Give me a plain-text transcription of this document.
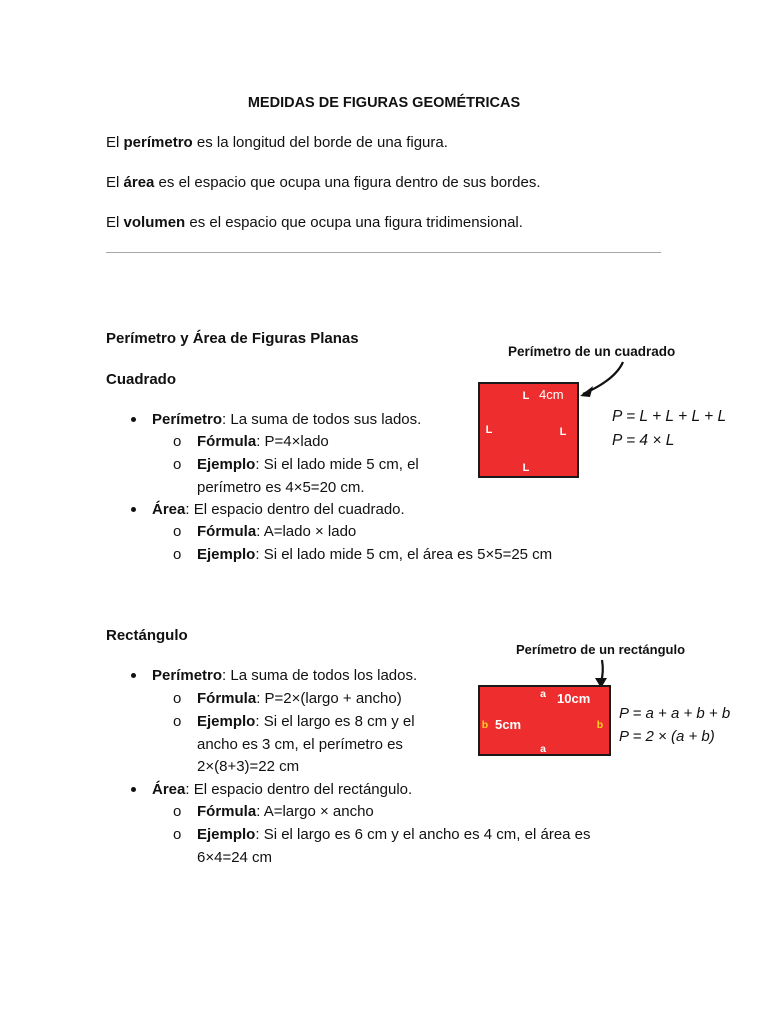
MEDIDAS DE FIGURAS GEOMÉTRICAS
El perímetro es la longitud del borde de una figura.
El área es el espacio que ocupa una figura dentro de sus bordes.
El volumen es el espacio que ocupa una figura tridimensional.
Perímetro y Área de Figuras Planas
Cuadrado
Perímetro: La suma de todos sus lados.
o Fórmula: P=4×lado
o Ejemplo: Si el lado mide 5 cm, el
perímetro es 4×5=20 cm.
Área: El espacio dentro del cuadrado.
o Fórmula: A=lado × lado
o Ejemplo: Si el lado mide 5 cm, el área es 5×5=25 cm
Rectángulo
Perímetro: La suma de todos los lados.
o Fórmula: P=2×(largo + ancho)
o Ejemplo: Si el largo es 8 cm y el
ancho es 3 cm, el perímetro es
2×(8+3)=22 cm
Área: El espacio dentro del rectángulo.
o Fórmula: A=largo × ancho
o Ejemplo: Si el largo es 6 cm y el ancho es 4 cm, el área es
6×4=24 cm
Perímetro de un cuadrado
L 4cm
L	L
L
P = L + L + L + L
P = 4 × L
Perímetro de un rectángulo
a 10cm
b 5cm	b
a
P = a + a + b + b
P = 2 × (a + b)
